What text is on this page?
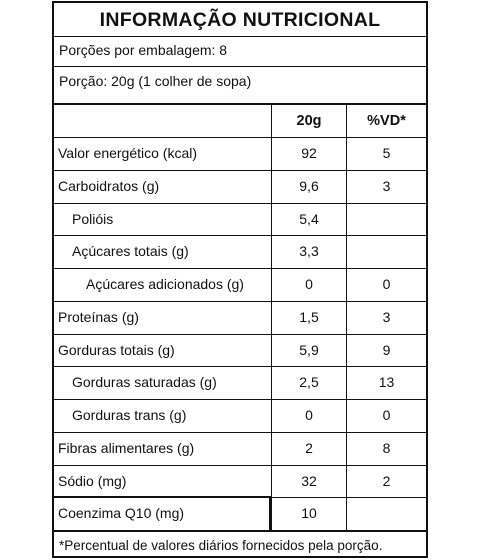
INFORMAÇÃO NUTRICIONAL
Porções por embalagem: 8
Porção: 20g (1 colher de sopa)
20g	%VD*
Valor energético (kcal)	92	5
Carboidratos (g)	9,6	3
Polióis	5,4
Açúcares totais (g)	3,3
Açúcares adicionados (g)	0	0
Proteínas (g)	1,5	3
Gorduras totais (g)	5,9	9
Gorduras saturadas (g)	2,5	13
Gorduras trans (g)	0	0
Fibras alimentares (g)	2	8
Sódio (mg)	32	2
Coenzima Q10 (mg)	10
*Percentual de valores diários fornecidos pela porção.
